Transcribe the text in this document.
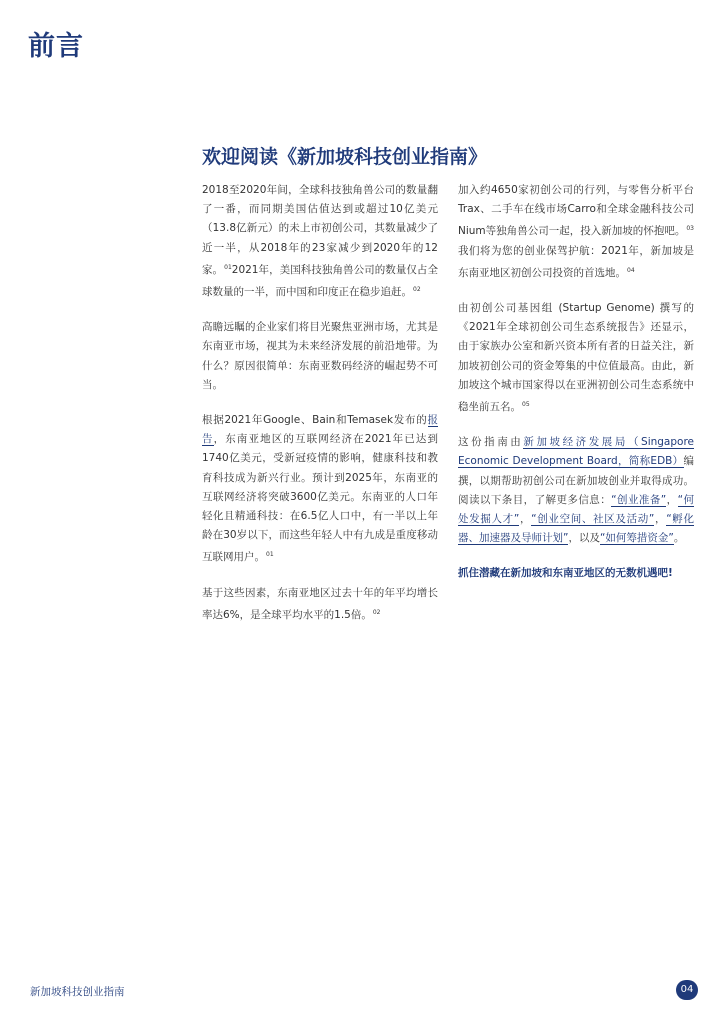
前言
欢迎阅读《新加坡科技创业指南》

2018至2020年间，全球科技独角兽公司的数量翻了一番，而同期美国估值达到或超过10亿美元（13.8亿新元）的未上市初创公司，其数量减少了近一半，从2018年的23家减少到2020年的12家。$^{01}$2021年，美国科技独角兽公司的数量仅占全球数量的一半，而中国和印度正在稳步追赶。$^{02}$

高瞻远瞩的企业家们将目光聚焦亚洲市场，尤其是东南亚市场，视其为未来经济发展的前沿地带。为什么？原因很简单：东南亚数码经济的崛起势不可当。

根据2021年Google、Bain和Temasek发布的报告，东南亚地区的互联网经济在2021年已达到1740亿美元，受新冠疫情的影响，健康科技和教育科技成为新兴行业。预计到2025年，东南亚的互联网经济将突破3600亿美元。东南亚的人口年轻化且精通科技：在6.5亿人口中，有一半以上年龄在30岁以下，而这些年轻人中有九成是重度移动互联网用户。$^{01}$

基于这些因素，东南亚地区过去十年的年平均增长率达6%，是全球平均水平的1.5倍。$^{02}$

加入约4650家初创公司的行列，与零售分析平台Trax、二手车在线市场Carro和全球金融科技公司Nium等独角兽公司一起，投入新加坡的怀抱吧。$^{03}$我们将为您的创业保驾护航：2021年，新加坡是东南亚地区初创公司投资的首选地。$^{04}$

由初创公司基因组 (Startup Genome) 撰写的《2021年全球初创公司生态系统报告》还显示，由于家族办公室和新兴资本所有者的日益关注，新加坡初创公司的资金筹集的中位值最高。由此，新加坡这个城市国家得以在亚洲初创公司生态系统中稳坐前五名。$^{05}$

这份指南由新加坡经济发展局（Singapore Economic Development Board，简称EDB）编撰，以期帮助初创公司在新加坡创业并取得成功。阅读以下条目，了解更多信息：“创业准备”，“何处发掘人才”，“创业空间、社区及活动”，“孵化器、加速器及导师计划”，以及“如何筹措资金”。

抓住潜藏在新加坡和东南亚地区的无数机遇吧!

新加坡科技创业指南	04
